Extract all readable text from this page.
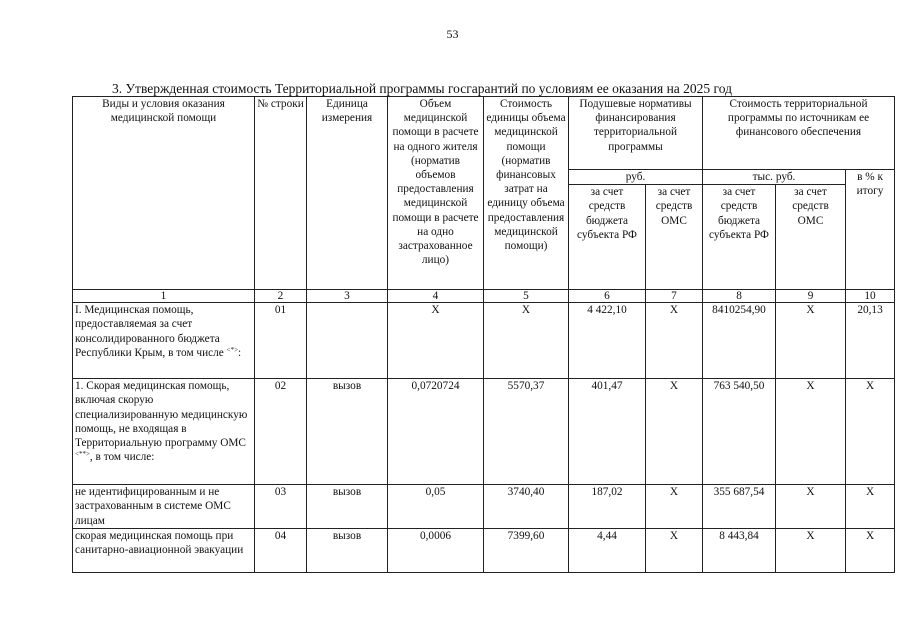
53
3. Утвержденная стоимость Территориальной программы госгарантий по условиям ее оказания на 2025 год
Виды и условия оказания медицинской помощи	№ строки	Единица измерения	Объем медицинской помощи в расчете на одного жителя (норматив объемов предоставления медицинской помощи в расчете на одно застрахованное лицо)	Стоимость единицы объема медицинской помощи (норматив финансовых затрат на единицу объема предоставления медицинской помощи)	Подушевые нормативы финансирования территориальной программы		Стоимость территориальной программы по источникам ее финансового обеспечения		
					руб.		тыс. руб.		в % к итогу
					за счет средств бюджета субъекта РФ	за счет средств ОМС	за счет средств бюджета субъекта РФ	за счет средств ОМС	
1	2	3	4	5	6	7	8	9	10
I. Медицинская помощь, предоставляемая за счет консолидированного бюджета Республики Крым, в том числе <*>:	01		X	X	4 422,10	X	8410254,90	X	20,13
1. Скорая медицинская помощь, включая скорую специализированную медицинскую помощь, не входящая в Территориальную программу ОМС <**>, в том числе:	02	вызов	0,0720724	5570,37	401,47	X	763 540,50	X	X
не идентифицированным и не застрахованным в системе ОМС лицам	03	вызов	0,05	3740,40	187,02	X	355 687,54	X	X
скорая медицинская помощь при санитарно-авиационной эвакуации	04	вызов	0,0006	7399,60	4,44	X	8 443,84	X	X
